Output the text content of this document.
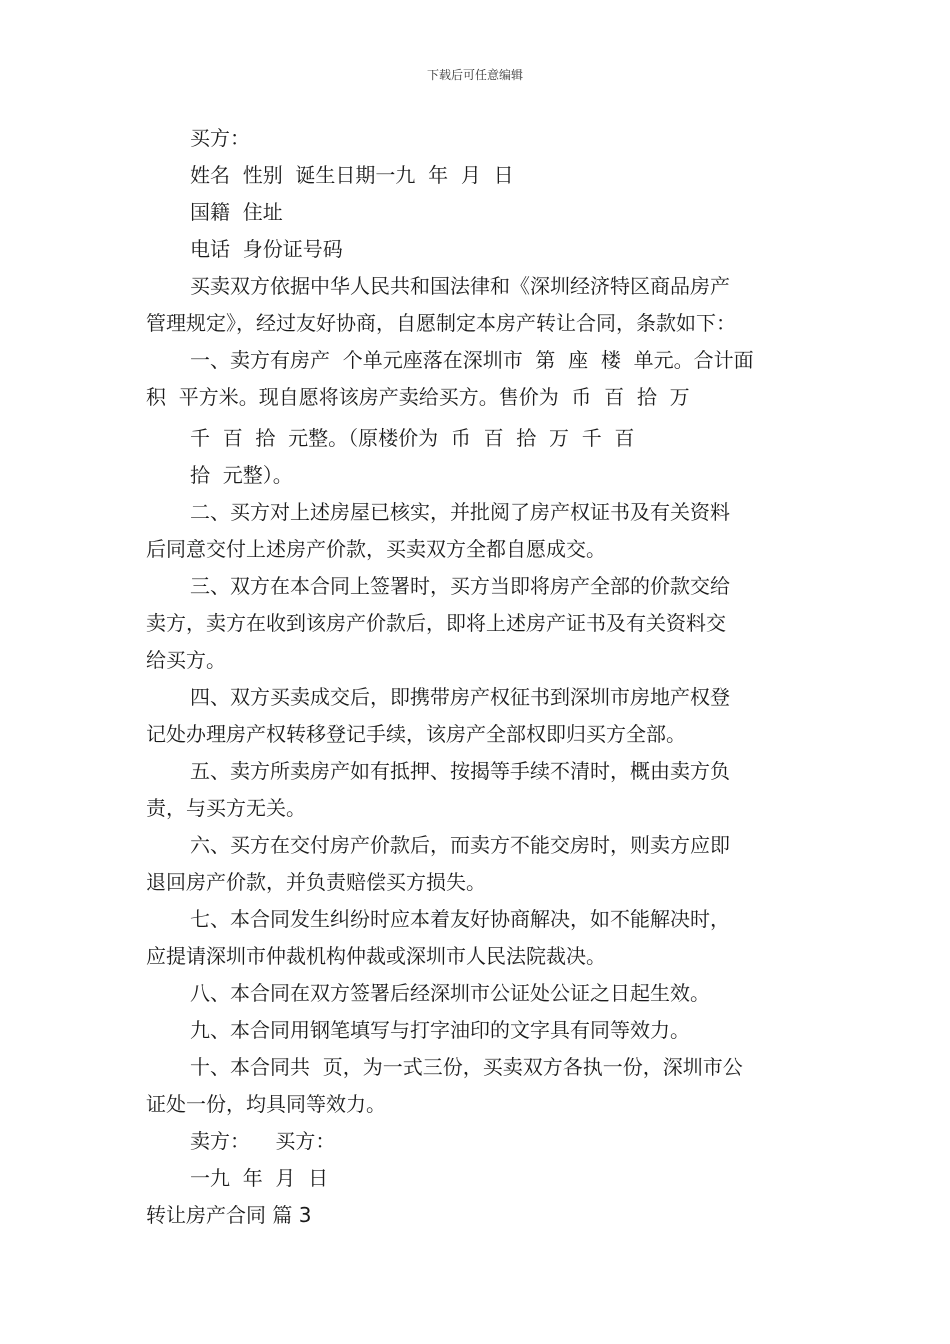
下载后可任意编辑
买方：
姓名  性别  诞生日期一九  年  月  日
国籍  住址
电话  身份证号码
买卖双方依据中华人民共和国法律和《深圳经济特区商品房产
管理规定》，经过友好协商，自愿制定本房产转让合同，条款如下：
一、卖方有房产  个单元座落在深圳市  第  座  楼  单元。合计面
积  平方米。现自愿将该房产卖给买方。售价为  币  百  拾  万
千  百  拾  元整。（原楼价为  币  百  拾  万  千  百
拾  元整）。
二、买方对上述房屋已核实，并批阅了房产权证书及有关资料
后同意交付上述房产价款，买卖双方全都自愿成交。
三、双方在本合同上签署时，买方当即将房产全部的价款交给
卖方，卖方在收到该房产价款后，即将上述房产证书及有关资料交
给买方。
四、双方买卖成交后，即携带房产权征书到深圳市房地产权登
记处办理房产权转移登记手续，该房产全部权即归买方全部。
五、卖方所卖房产如有抵押、按揭等手续不清时，概由卖方负
责，与买方无关。
六、买方在交付房产价款后，而卖方不能交房时，则卖方应即
退回房产价款，并负责赔偿买方损失。
七、本合同发生纠纷时应本着友好协商解决，如不能解决时，
应提请深圳市仲裁机构仲裁或深圳市人民法院裁决。
八、本合同在双方签署后经深圳市公证处公证之日起生效。
九、本合同用钢笔填写与打字油印的文字具有同等效力。
十、本合同共  页，为一式三份，买卖双方各执一份，深圳市公
证处一份，均具同等效力。
卖方：    买方：
一九  年  月  日
转让房产合同 篇 3
